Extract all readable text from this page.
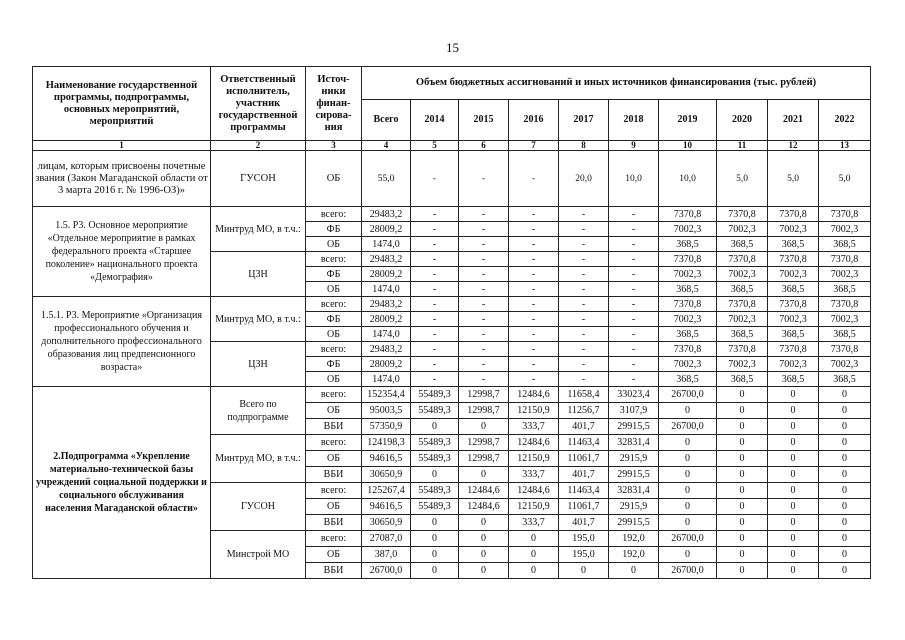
15
Наименование государственной программы, подпрограммы, основных мероприятий, мероприятий	Ответственный исполнитель, участник государственной программы	Источ-ники финан-сирова-ния	Объем бюджетных ассигнований и иных источников финансирования (тыс. рублей)									
			Всего	2014	2015	2016	2017	2018	2019	2020	2021	2022
1	2	3	4	5	6	7	8	9	10	11	12	13
лицам, которым присвоены почетные звания (Закон Магаданской области от 3 марта 2016 г. № 1996-ОЗ)»	ГУСОН	ОБ	55,0	-	-	-	20,0	10,0	10,0	5,0	5,0	5,0
1.5. Р3. Основное мероприятие «Отдельное мероприятие в рамках федерального проекта «Старшее поколение» национального проекта «Демография»	Минтруд МО, в т.ч.:	всего:	29483,2	-	-	-	-	-	7370,8	7370,8	7370,8	7370,8
		ФБ	28009,2	-	-	-	-	-	7002,3	7002,3	7002,3	7002,3
		ОБ	1474,0	-	-	-	-	-	368,5	368,5	368,5	368,5
	ЦЗН	всего:	29483,2	-	-	-	-	-	7370,8	7370,8	7370,8	7370,8
		ФБ	28009,2	-	-	-	-	-	7002,3	7002,3	7002,3	7002,3
		ОБ	1474,0	-	-	-	-	-	368,5	368,5	368,5	368,5
1.5.1. Р3. Мероприятие «Организация профессионального обучения и дополнительного профессионального образования лиц предпенсионного возраста»	Минтруд МО, в т.ч.:	всего:	29483,2	-	-	-	-	-	7370,8	7370,8	7370,8	7370,8
		ФБ	28009,2	-	-	-	-	-	7002,3	7002,3	7002,3	7002,3
		ОБ	1474,0	-	-	-	-	-	368,5	368,5	368,5	368,5
	ЦЗН	всего:	29483,2	-	-	-	-	-	7370,8	7370,8	7370,8	7370,8
		ФБ	28009,2	-	-	-	-	-	7002,3	7002,3	7002,3	7002,3
		ОБ	1474,0	-	-	-	-	-	368,5	368,5	368,5	368,5
2.Подпрограмма «Укрепление материально-технической базы учреждений социальной поддержки и социального обслуживания населения Магаданской области»	Всего по подпрограмме	всего:	152354,4	55489,3	12998,7	12484,6	11658,4	33023,4	26700,0	0	0	0
		ОБ	95003,5	55489,3	12998,7	12150,9	11256,7	3107,9	0	0	0	0
		ВБИ	57350,9	0	0	333,7	401,7	29915,5	26700,0	0	0	0
	Минтруд МО, в т.ч.:	всего:	124198,3	55489,3	12998,7	12484,6	11463,4	32831,4	0	0	0	0
		ОБ	94616,5	55489,3	12998,7	12150,9	11061,7	2915,9	0	0	0	0
		ВБИ	30650,9	0	0	333,7	401,7	29915,5	0	0	0	0
	ГУСОН	всего:	125267,4	55489,3	12484,6	12484,6	11463,4	32831,4	0	0	0	0
		ОБ	94616,5	55489,3	12484,6	12150,9	11061,7	2915,9	0	0	0	0
		ВБИ	30650,9	0	0	333,7	401,7	29915,5	0	0	0	0
	Минстрой МО	всего:	27087,0	0	0	0	195,0	192,0	26700,0	0	0	0
		ОБ	387,0	0	0	0	195,0	192,0	0	0	0	0
		ВБИ	26700,0	0	0	0	0	0	26700,0	0	0	0
